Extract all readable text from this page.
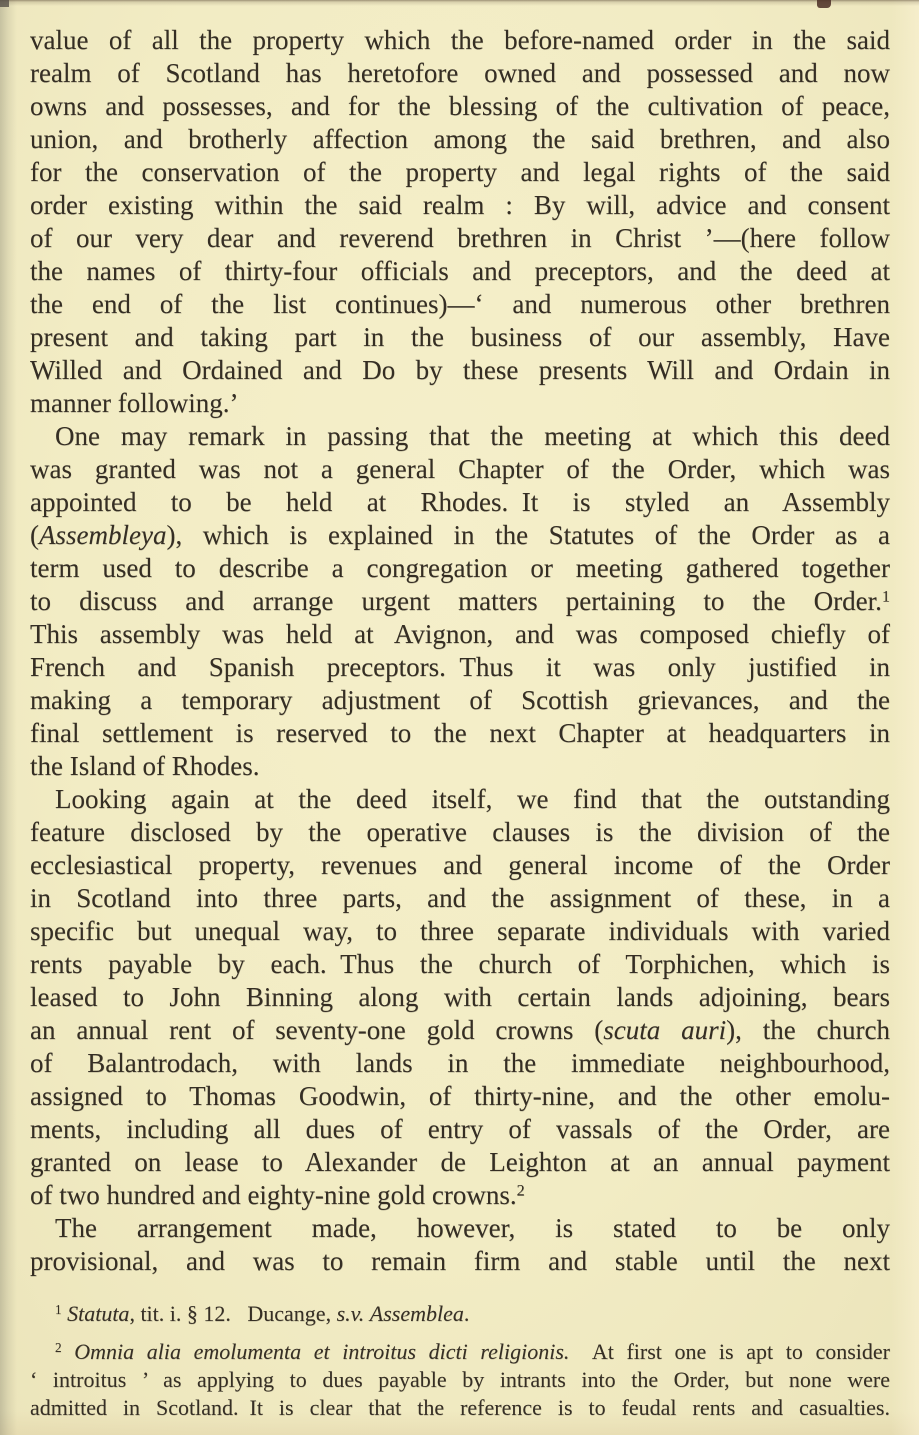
value of all the property which the before-named order in the said
realm of Scotland has heretofore owned and possessed and now
owns and possesses, and for the blessing of the cultivation of peace,
union, and brotherly affection among the said brethren, and also
for the conservation of the property and legal rights of the said
order existing within the said realm : By will, advice and consent
of our very dear and reverend brethren in Christ ’—(here follow
the names of thirty-four officials and preceptors, and the deed at
the end of the list continues)—‘ and numerous other brethren
present and taking part in the business of our assembly, Have
Willed and Ordained and Do by these presents Will and Ordain in
manner following.’
One may remark in passing that the meeting at which this deed
was granted was not a general Chapter of the Order, which was
appointed to be held at Rhodes. It is styled an Assembly
(Assembleya), which is explained in the Statutes of the Order as a
term used to describe a congregation or meeting gathered together
to discuss and arrange urgent matters pertaining to the Order.$^1$
This assembly was held at Avignon, and was composed chiefly of
French and Spanish preceptors. Thus it was only justified in
making a temporary adjustment of Scottish grievances, and the
final settlement is reserved to the next Chapter at headquarters in
the Island of Rhodes.
Looking again at the deed itself, we find that the outstanding
feature disclosed by the operative clauses is the division of the
ecclesiastical property, revenues and general income of the Order
in Scotland into three parts, and the assignment of these, in a
specific but unequal way, to three separate individuals with varied
rents payable by each. Thus the church of Torphichen, which is
leased to John Binning along with certain lands adjoining, bears
an annual rent of seventy-one gold crowns (scuta auri), the church
of Balantrodach, with lands in the immediate neighbourhood,
assigned to Thomas Goodwin, of thirty-nine, and the other emolu-
ments, including all dues of entry of vassals of the Order, are
granted on lease to Alexander de Leighton at an annual payment
of two hundred and eighty-nine gold crowns.$^2$
The arrangement made, however, is stated to be only
provisional, and was to remain firm and stable until the next
$^1$ Statuta, tit. i. § 12.  Ducange, s.v. Assemblea.
$^2$ Omnia alia emolumenta et introitus dicti religionis.  At first one is apt to consider
‘ introitus ’ as applying to dues payable by intrants into the Order, but none were
admitted in Scotland. It is clear that the reference is to feudal rents and casualties.
